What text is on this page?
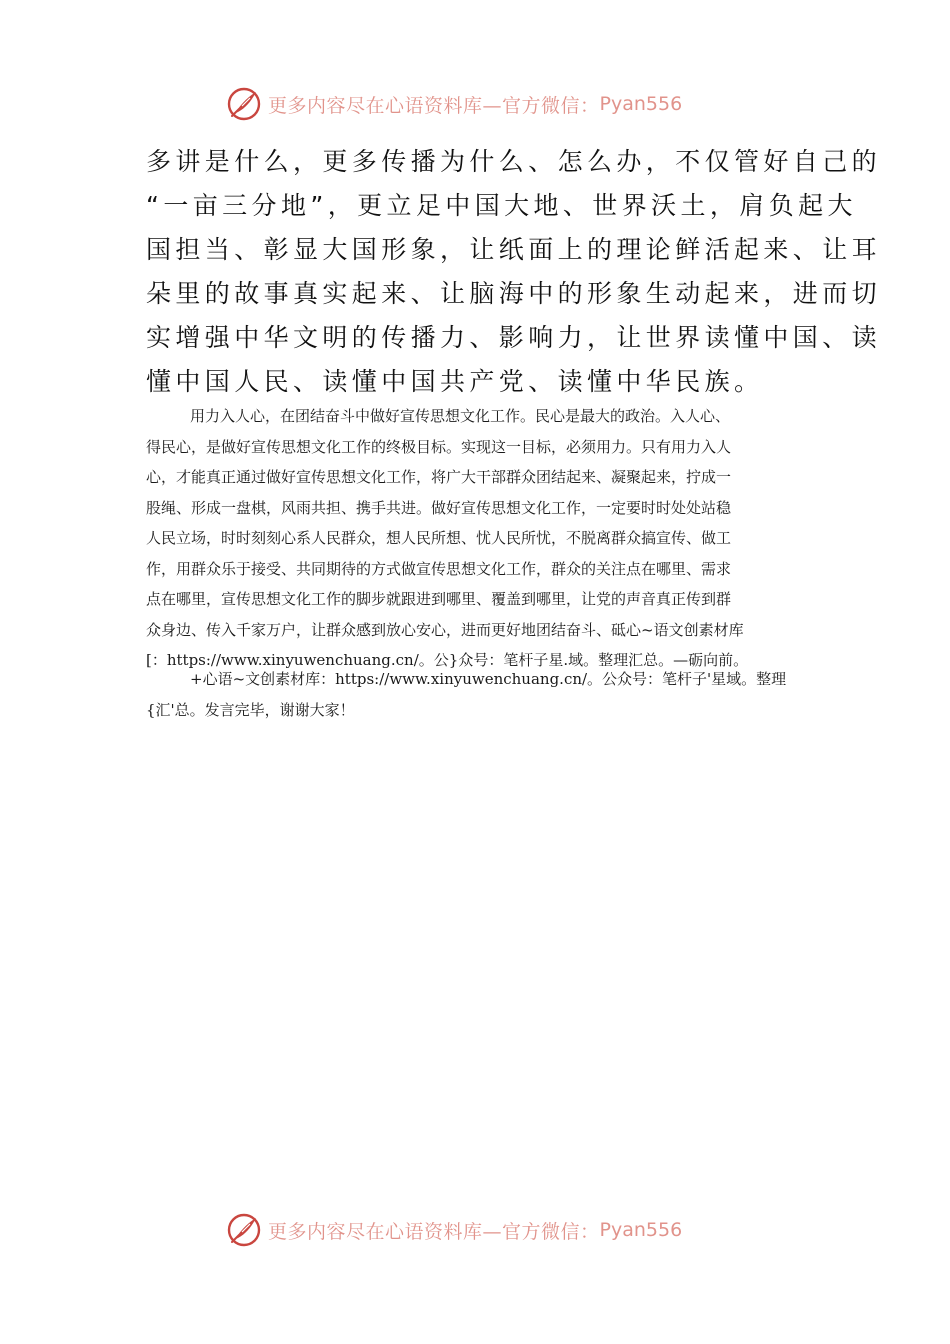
更多内容尽在心语资料库—官方微信： Pyan556
多讲是什么，更多传播为什么、怎么办，不仅管好自己的
“一亩三分地”，更立足中国大地、世界沃土，肩负起大
国担当、彰显大国形象，让纸面上的理论鲜活起来、让耳
朵里的故事真实起来、让脑海中的形象生动起来，进而切
实增强中华文明的传播力、影响力，让世界读懂中国、读
懂中国人民、读懂中国共产党、读懂中华民族。
用力入人心，在团结奋斗中做好宣传思想文化工作。民心是最大的政治。入人心、
得民心，是做好宣传思想文化工作的终极目标。实现这一目标，必须用力。只有用力入人
心，才能真正通过做好宣传思想文化工作，将广大干部群众团结起来、凝聚起来，拧成一
股绳、形成一盘棋，风雨共担、携手共进。做好宣传思想文化工作，一定要时时处处站稳
人民立场，时时刻刻心系人民群众，想人民所想、忧人民所忧，不脱离群众搞宣传、做工
作，用群众乐于接受、共同期待的方式做宣传思想文化工作，群众的关注点在哪里、需求
点在哪里，宣传思想文化工作的脚步就跟进到哪里、覆盖到哪里，让党的声音真正传到群
众身边、传入千家万户，让群众感到放心安心，进而更好地团结奋斗、砥心~语文创素材库
[：https://www.xinyuwenchuang.cn/。公}众号：笔杆子星.域。整理汇总。—砺向前。
+心语~文创素材库：https://www.xinyuwenchuang.cn/。公众号：笔杆子'星域。整理
{汇'总。发言完毕，谢谢大家！
更多内容尽在心语资料库—官方微信： Pyan556
